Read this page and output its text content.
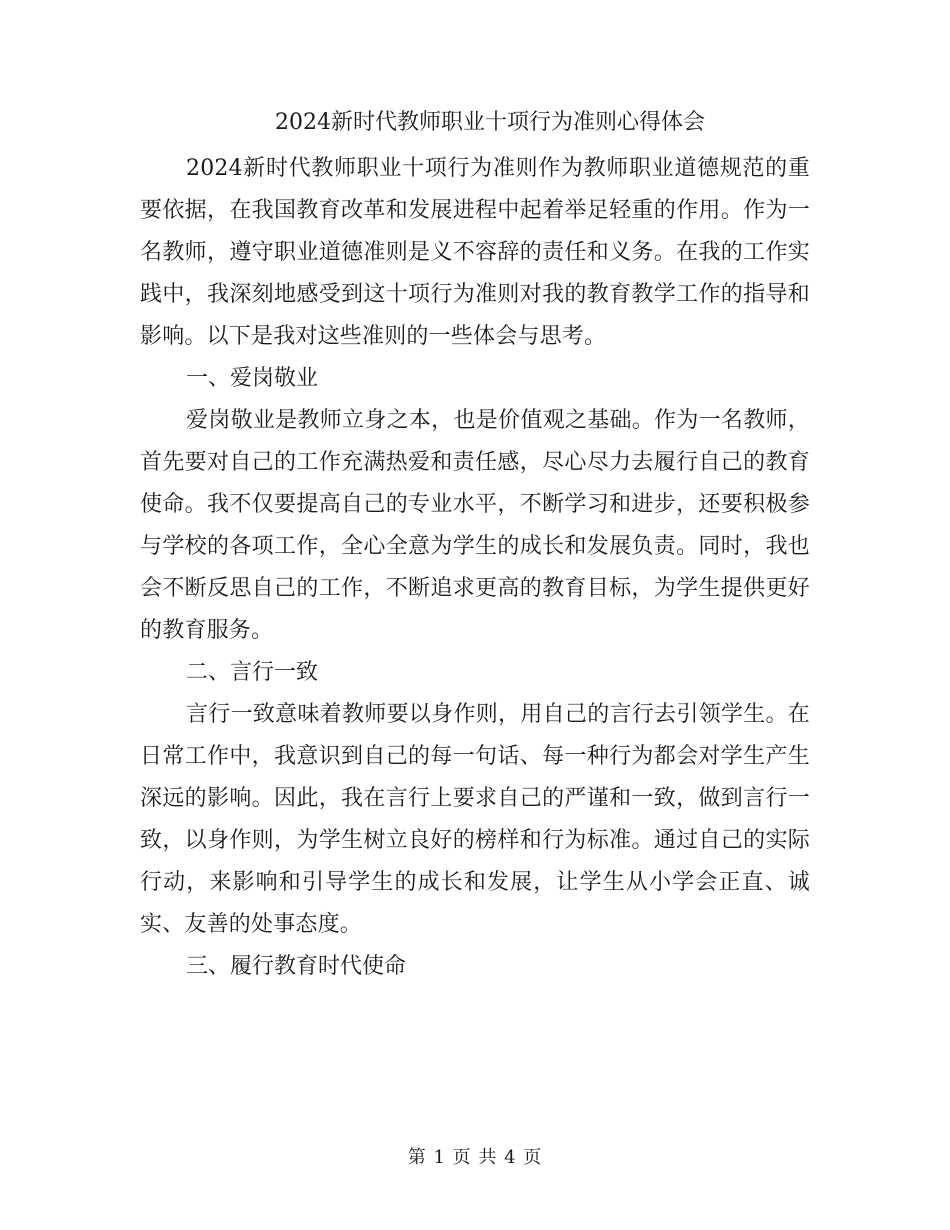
2024新时代教师职业十项行为准则心得体会

2024新时代教师职业十项行为准则作为教师职业道德规范的重要依据，在我国教育改革和发展进程中起着举足轻重的作用。作为一名教师，遵守职业道德准则是义不容辞的责任和义务。在我的工作实践中，我深刻地感受到这十项行为准则对我的教育教学工作的指导和影响。以下是我对这些准则的一些体会与思考。

一、爱岗敬业

爱岗敬业是教师立身之本，也是价值观之基础。作为一名教师，首先要对自己的工作充满热爱和责任感，尽心尽力去履行自己的教育使命。我不仅要提高自己的专业水平，不断学习和进步，还要积极参与学校的各项工作，全心全意为学生的成长和发展负责。同时，我也会不断反思自己的工作，不断追求更高的教育目标，为学生提供更好的教育服务。

二、言行一致

言行一致意味着教师要以身作则，用自己的言行去引领学生。在日常工作中，我意识到自己的每一句话、每一种行为都会对学生产生深远的影响。因此，我在言行上要求自己的严谨和一致，做到言行一致，以身作则，为学生树立良好的榜样和行为标准。通过自己的实际行动，来影响和引导学生的成长和发展，让学生从小学会正直、诚实、友善的处事态度。

三、履行教育时代使命

第 1 页 共 4 页
